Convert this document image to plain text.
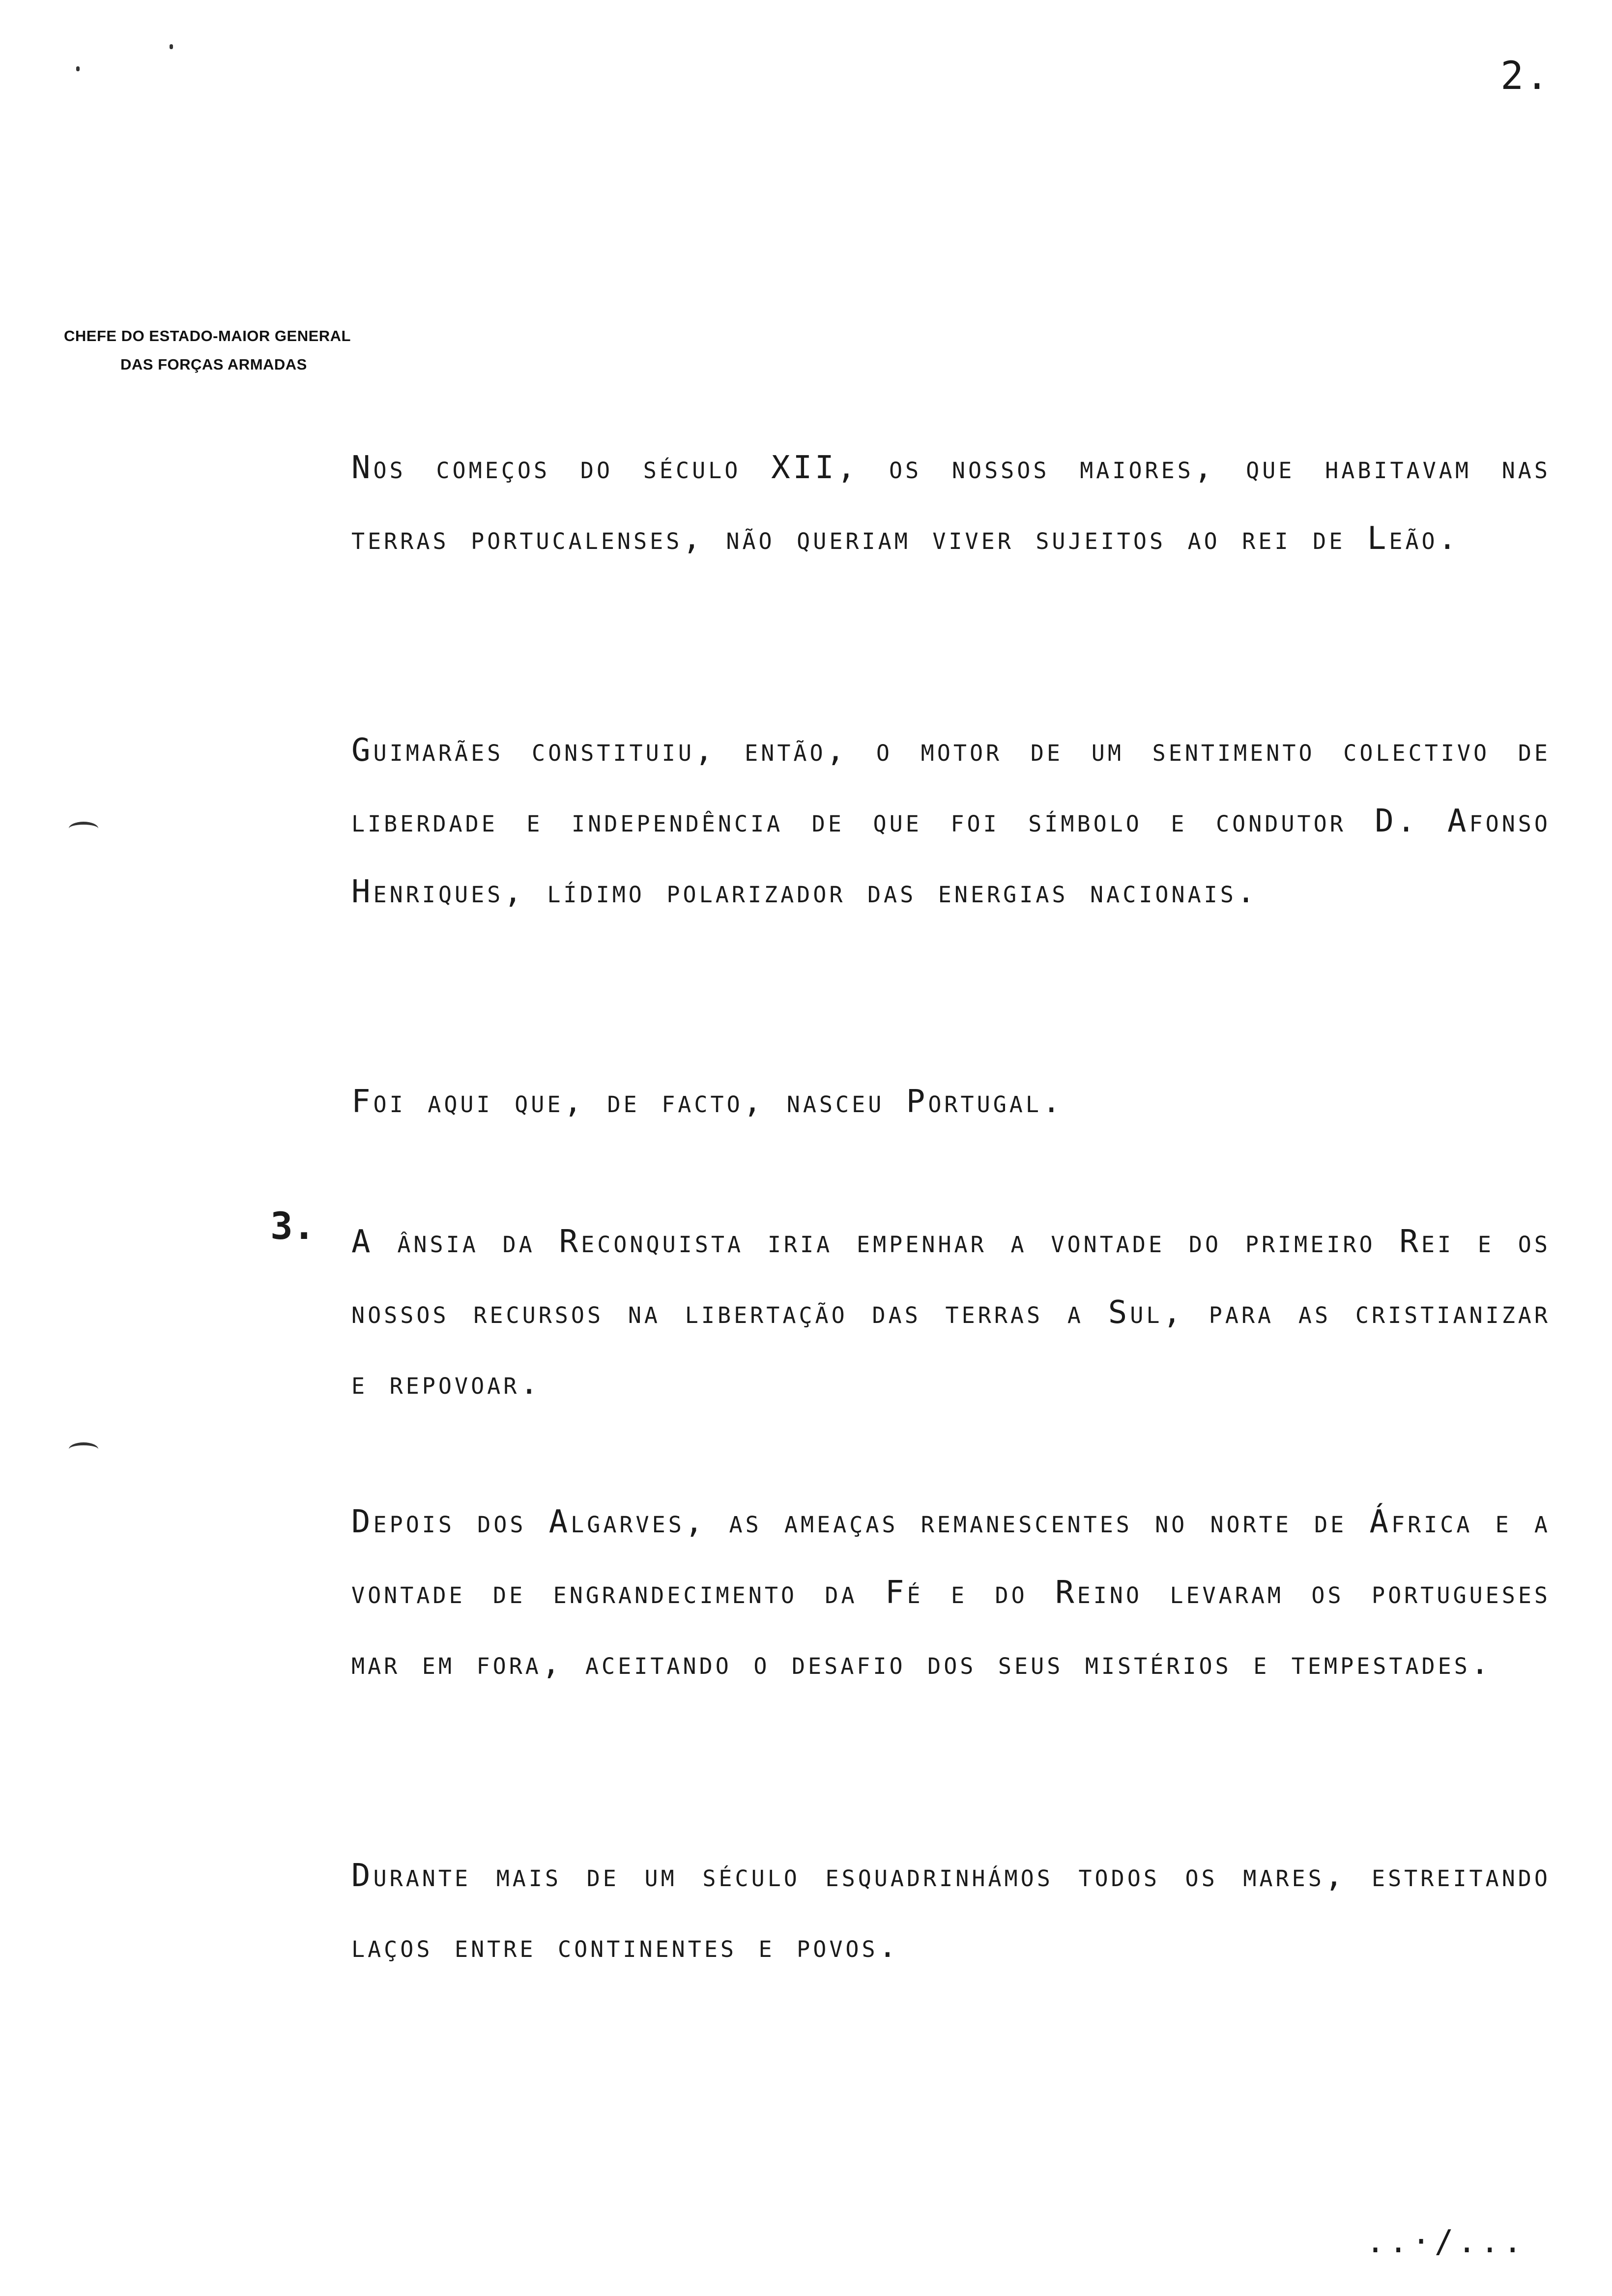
2.
CHEFE DO ESTADO-MAIOR GENERAL
DAS FORÇAS ARMADAS
Nos começos do século XII, os nossos maiores, que habitavam nas terras portucalenses, não queriam viver sujeitos ao rei de Leão.
Guimarães constituiu, então, o motor de um sentimento colectivo de liberdade e independência de que foi símbolo e condutor D. Afonso Henriques, lídimo polarizador das energias nacionais.
Foi aqui que, de facto, nasceu Portugal.
3. A ânsia da Reconquista iria empenhar a vontade do primeiro Rei e os nossos recursos na libertação das terras a Sul, para as cristianizar e repovoar.
Depois dos Algarves, as ameaças remanescentes no norte de África e a vontade de engrandecimento da Fé e do Reino levaram os portugueses mar em fora, aceitando o desafio dos seus mistérios e tempestades.
Durante mais de um século esquadrinhámos todos os mares, estreitando laços entre continentes e povos.
..·/...
